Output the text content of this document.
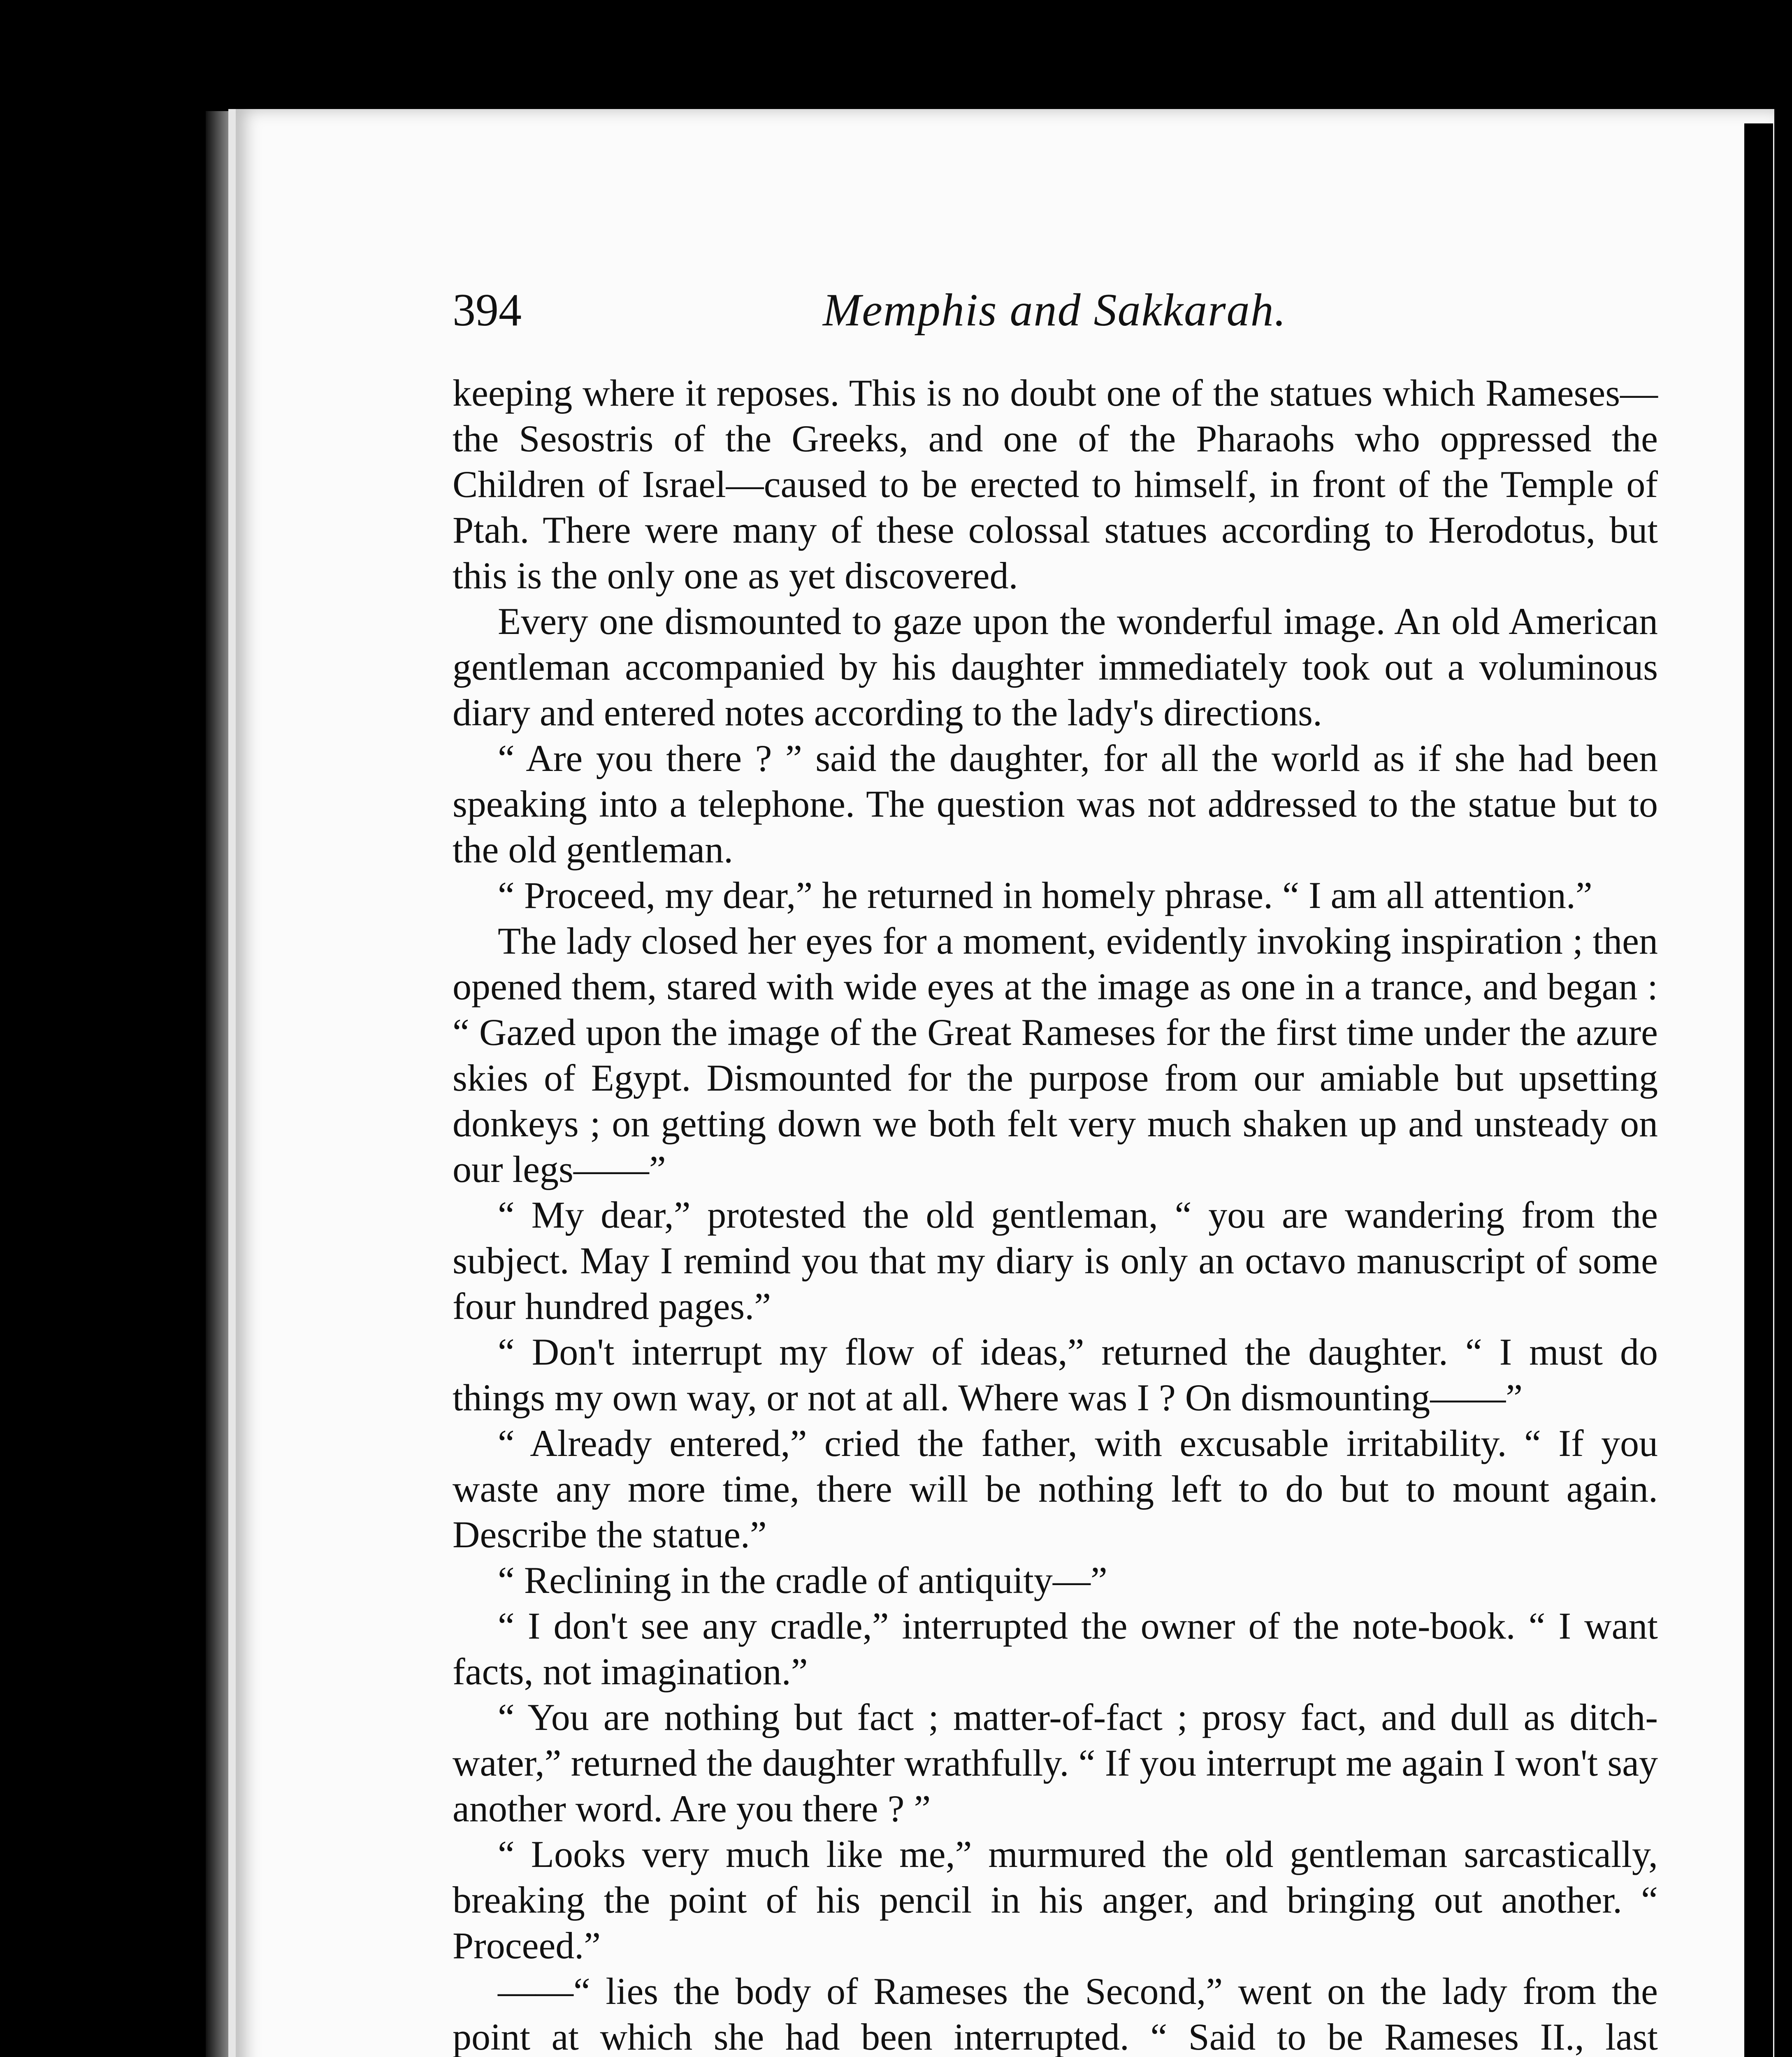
394	Memphis and Sakkarah.

keeping where it reposes. This is no doubt one of the statues which Rameses—the Sesostris of the Greeks, and one of the Pharaohs who oppressed the Children of Israel—caused to be erected to himself, in front of the Temple of Ptah. There were many of these colossal statues according to Herodotus, but this is the only one as yet discovered.

Every one dismounted to gaze upon the wonderful image. An old American gentleman accompanied by his daughter immediately took out a voluminous diary and entered notes according to the lady's directions.

“ Are you there ? ” said the daughter, for all the world as if she had been speaking into a telephone. The question was not addressed to the statue but to the old gentleman.

“ Proceed, my dear,” he returned in homely phrase. “ I am all attention.”

The lady closed her eyes for a moment, evidently invoking inspiration ; then opened them, stared with wide eyes at the image as one in a trance, and began : “ Gazed upon the image of the Great Rameses for the first time under the azure skies of Egypt. Dismounted for the purpose from our amiable but upsetting donkeys ; on getting down we both felt very much shaken up and unsteady on our legs——”

“ My dear,” protested the old gentleman, “ you are wandering from the subject. May I remind you that my diary is only an octavo manuscript of some four hundred pages.”

“ Don't interrupt my flow of ideas,” returned the daughter. “ I must do things my own way, or not at all. Where was I ? On dismounting——”

“ Already entered,” cried the father, with excusable irritability. “ If you waste any more time, there will be nothing left to do but to mount again. Describe the statue.”

“ Reclining in the cradle of antiquity—”

“ I don't see any cradle,” interrupted the owner of the note-book. “ I want facts, not imagination.”

“ You are nothing but fact ; matter-of-fact ; prosy fact, and dull as ditch-water,” returned the daughter wrathfully. “ If you interrupt me again I won't say another word. Are you there ? ”

“ Looks very much like me,” murmured the old gentleman sarcastically, breaking the point of his pencil in his anger, and bringing out another. “ Proceed.”

——“ lies the body of Rameses the Second,” went on the lady from the point at which she had been interrupted. “ Said to be Rameses II., last
